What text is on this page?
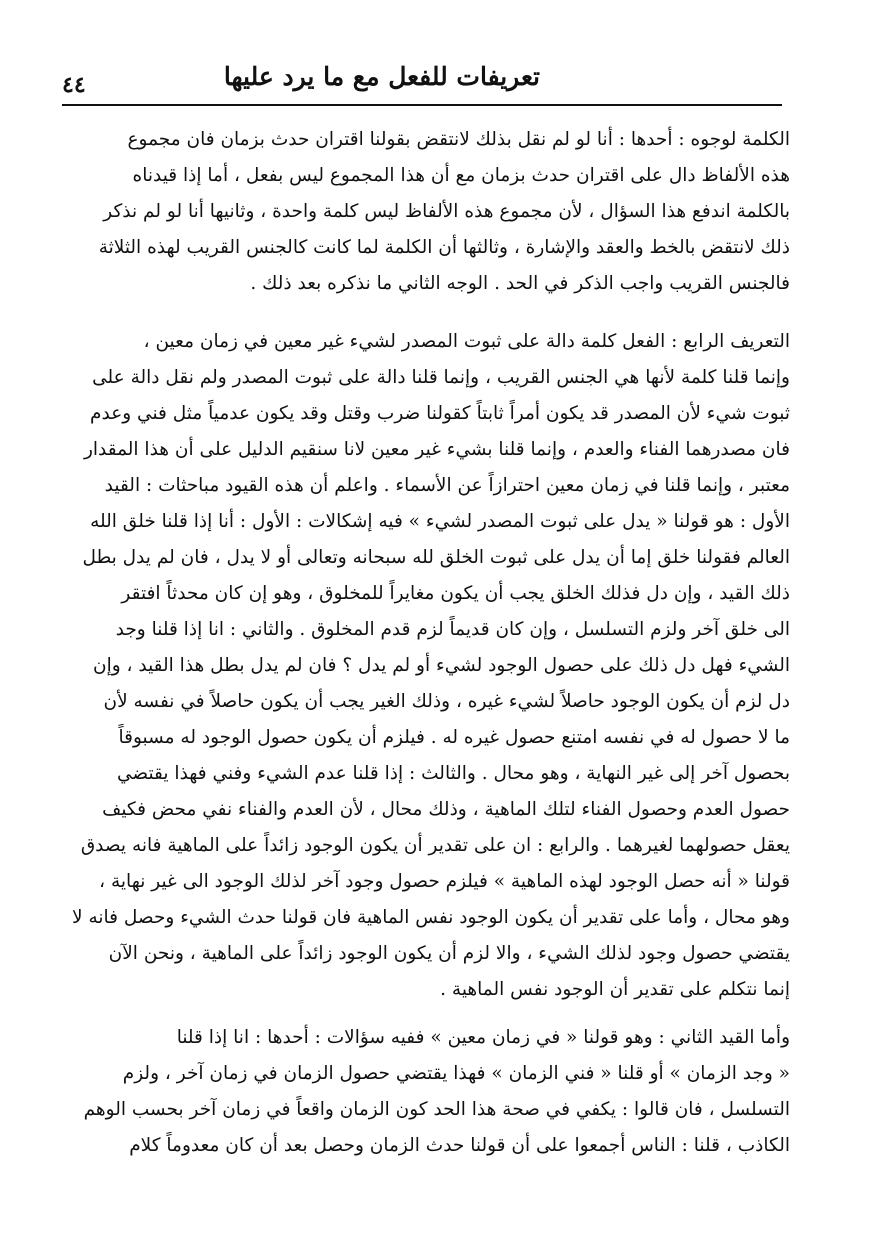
تعريفات للفعل مع ما يرد عليها
٤٤
الكلمة لوجوه : أحدها : أنا لو لم نقل بذلك لانتقض بقولنا اقتران حدث بزمان فان مجموع
هذه الألفاظ دال على اقتران حدث بزمان مع أن هذا المجموع ليس بفعل ، أما إذا قيدناه
بالكلمة اندفع هذا السؤال ، لأن مجموع هذه الألفاظ ليس كلمة واحدة ، وثانيها أنا لو لم نذكر
ذلك لانتقض بالخط والعقد والإشارة ، وثالثها أن الكلمة لما كانت كالجنس القريب لهذه الثلاثة
فالجنس القريب واجب الذكر في الحد . الوجه الثاني ما نذكره بعد ذلك .
التعريف الرابع : الفعل كلمة دالة على ثبوت المصدر لشيء غير معين في زمان معين ،
وإنما قلنا كلمة لأنها هي الجنس القريب ، وإنما قلنا دالة على ثبوت المصدر ولم نقل دالة على
ثبوت شيء لأن المصدر قد يكون أمراً ثابتاً كقولنا ضرب وقتل وقد يكون عدمياً مثل فني وعدم
فان مصدرهما الفناء والعدم ، وإنما قلنا بشيء غير معين لانا سنقيم الدليل على أن هذا المقدار
معتبر ، وإنما قلنا في زمان معين احترازاً عن الأسماء . واعلم أن هذه القيود مباحثات : القيد
الأول : هو قولنا « يدل على ثبوت المصدر لشيء » فيه إشكالات : الأول : أنا إذا قلنا خلق الله
العالم فقولنا خلق إما أن يدل على ثبوت الخلق لله سبحانه وتعالى أو لا يدل ، فان لم يدل بطل
ذلك القيد ، وإن دل فذلك الخلق يجب أن يكون مغايراً للمخلوق ، وهو إن كان محدثاً افتقر
الى خلق آخر ولزم التسلسل ، وإن كان قديماً لزم قدم المخلوق . والثاني : انا إذا قلنا وجد
الشيء فهل دل ذلك على حصول الوجود لشيء أو لم يدل ؟ فان لم يدل بطل هذا القيد ، وإن
دل لزم أن يكون الوجود حاصلاً لشيء غيره ، وذلك الغير يجب أن يكون حاصلاً في نفسه لأن
ما لا حصول له في نفسه امتنع حصول غيره له . فيلزم أن يكون حصول الوجود له مسبوقاً
بحصول آخر إلى غير النهاية ، وهو محال . والثالث : إذا قلنا عدم الشيء وفني فهذا يقتضي
حصول العدم وحصول الفناء لتلك الماهية ، وذلك محال ، لأن العدم والفناء نفي محض فكيف
يعقل حصولهما لغيرهما . والرابع : ان على تقدير أن يكون الوجود زائداً على الماهية فانه يصدق
قولنا « أنه حصل الوجود لهذه الماهية » فيلزم حصول وجود آخر لذلك الوجود الى غير نهاية ،
وهو محال ، وأما على تقدير أن يكون الوجود نفس الماهية فان قولنا حدث الشيء وحصل فانه لا
يقتضي حصول وجود لذلك الشيء ، والا لزم أن يكون الوجود زائداً على الماهية ، ونحن الآن
إنما نتكلم على تقدير أن الوجود نفس الماهية .
وأما القيد الثاني : وهو قولنا « في زمان معين » ففيه سؤالات : أحدها : انا إذا قلنا
« وجد الزمان » أو قلنا « فني الزمان » فهذا يقتضي حصول الزمان في زمان آخر ، ولزم
التسلسل ، فان قالوا : يكفي في صحة هذا الحد كون الزمان واقعاً في زمان آخر بحسب الوهم
الكاذب ، قلنا : الناس أجمعوا على أن قولنا حدث الزمان وحصل بعد أن كان معدوماً كلام
